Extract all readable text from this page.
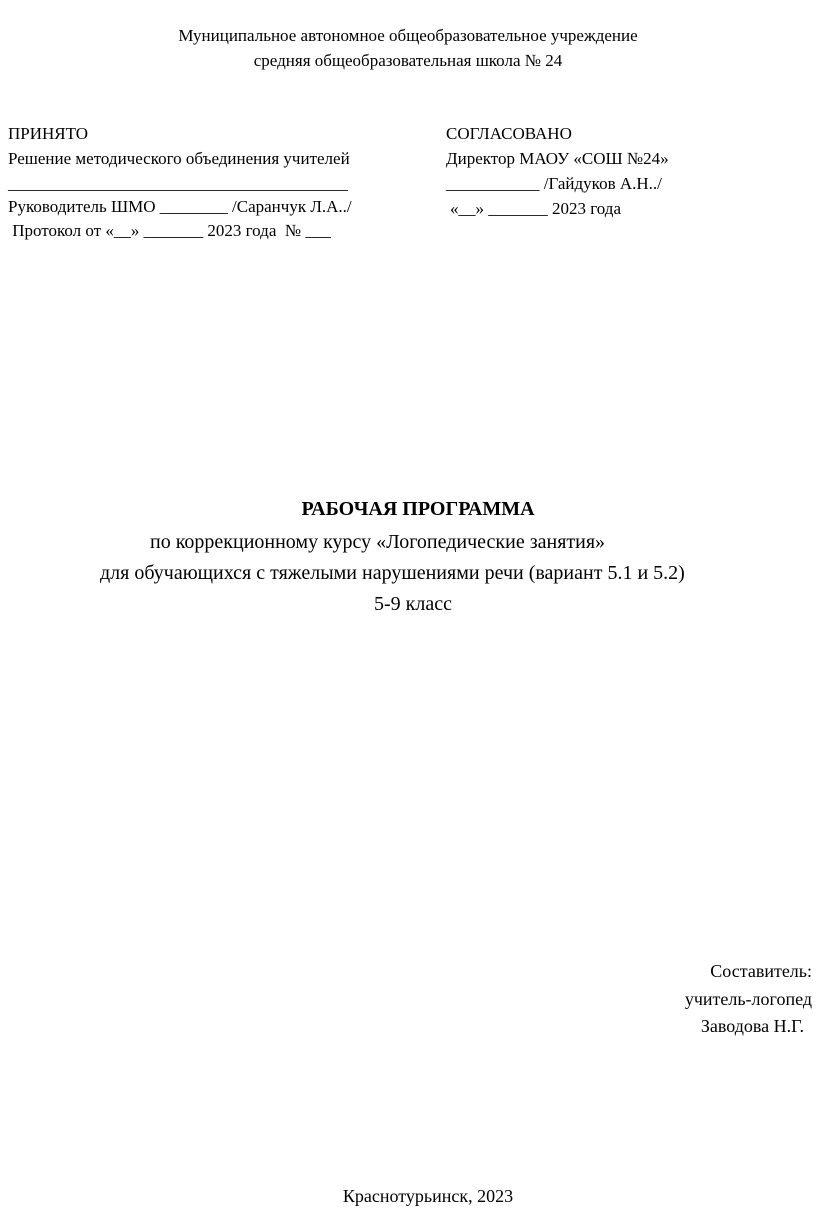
Муниципальное автономное общеобразовательное учреждение
средняя общеобразовательная школа № 24
ПРИНЯТО
Решение методического объединения учителей
________________________________________
Руководитель ШМО ________ /Саранчук Л.А../
Протокол от «__» _______ 2023 года  № ___
СОГЛАСОВАНО
Директор МАОУ «СОШ №24»
___________ /Гайдуков А.Н../
«__» _______ 2023 года
РАБОЧАЯ ПРОГРАММА
по коррекционному курсу «Логопедические занятия»
для обучающихся с тяжелыми нарушениями речи (вариант 5.1 и 5.2)
5-9 класс
Составитель:
учитель-логопед
Заводова Н.Г.
Краснотурьинск, 2023
